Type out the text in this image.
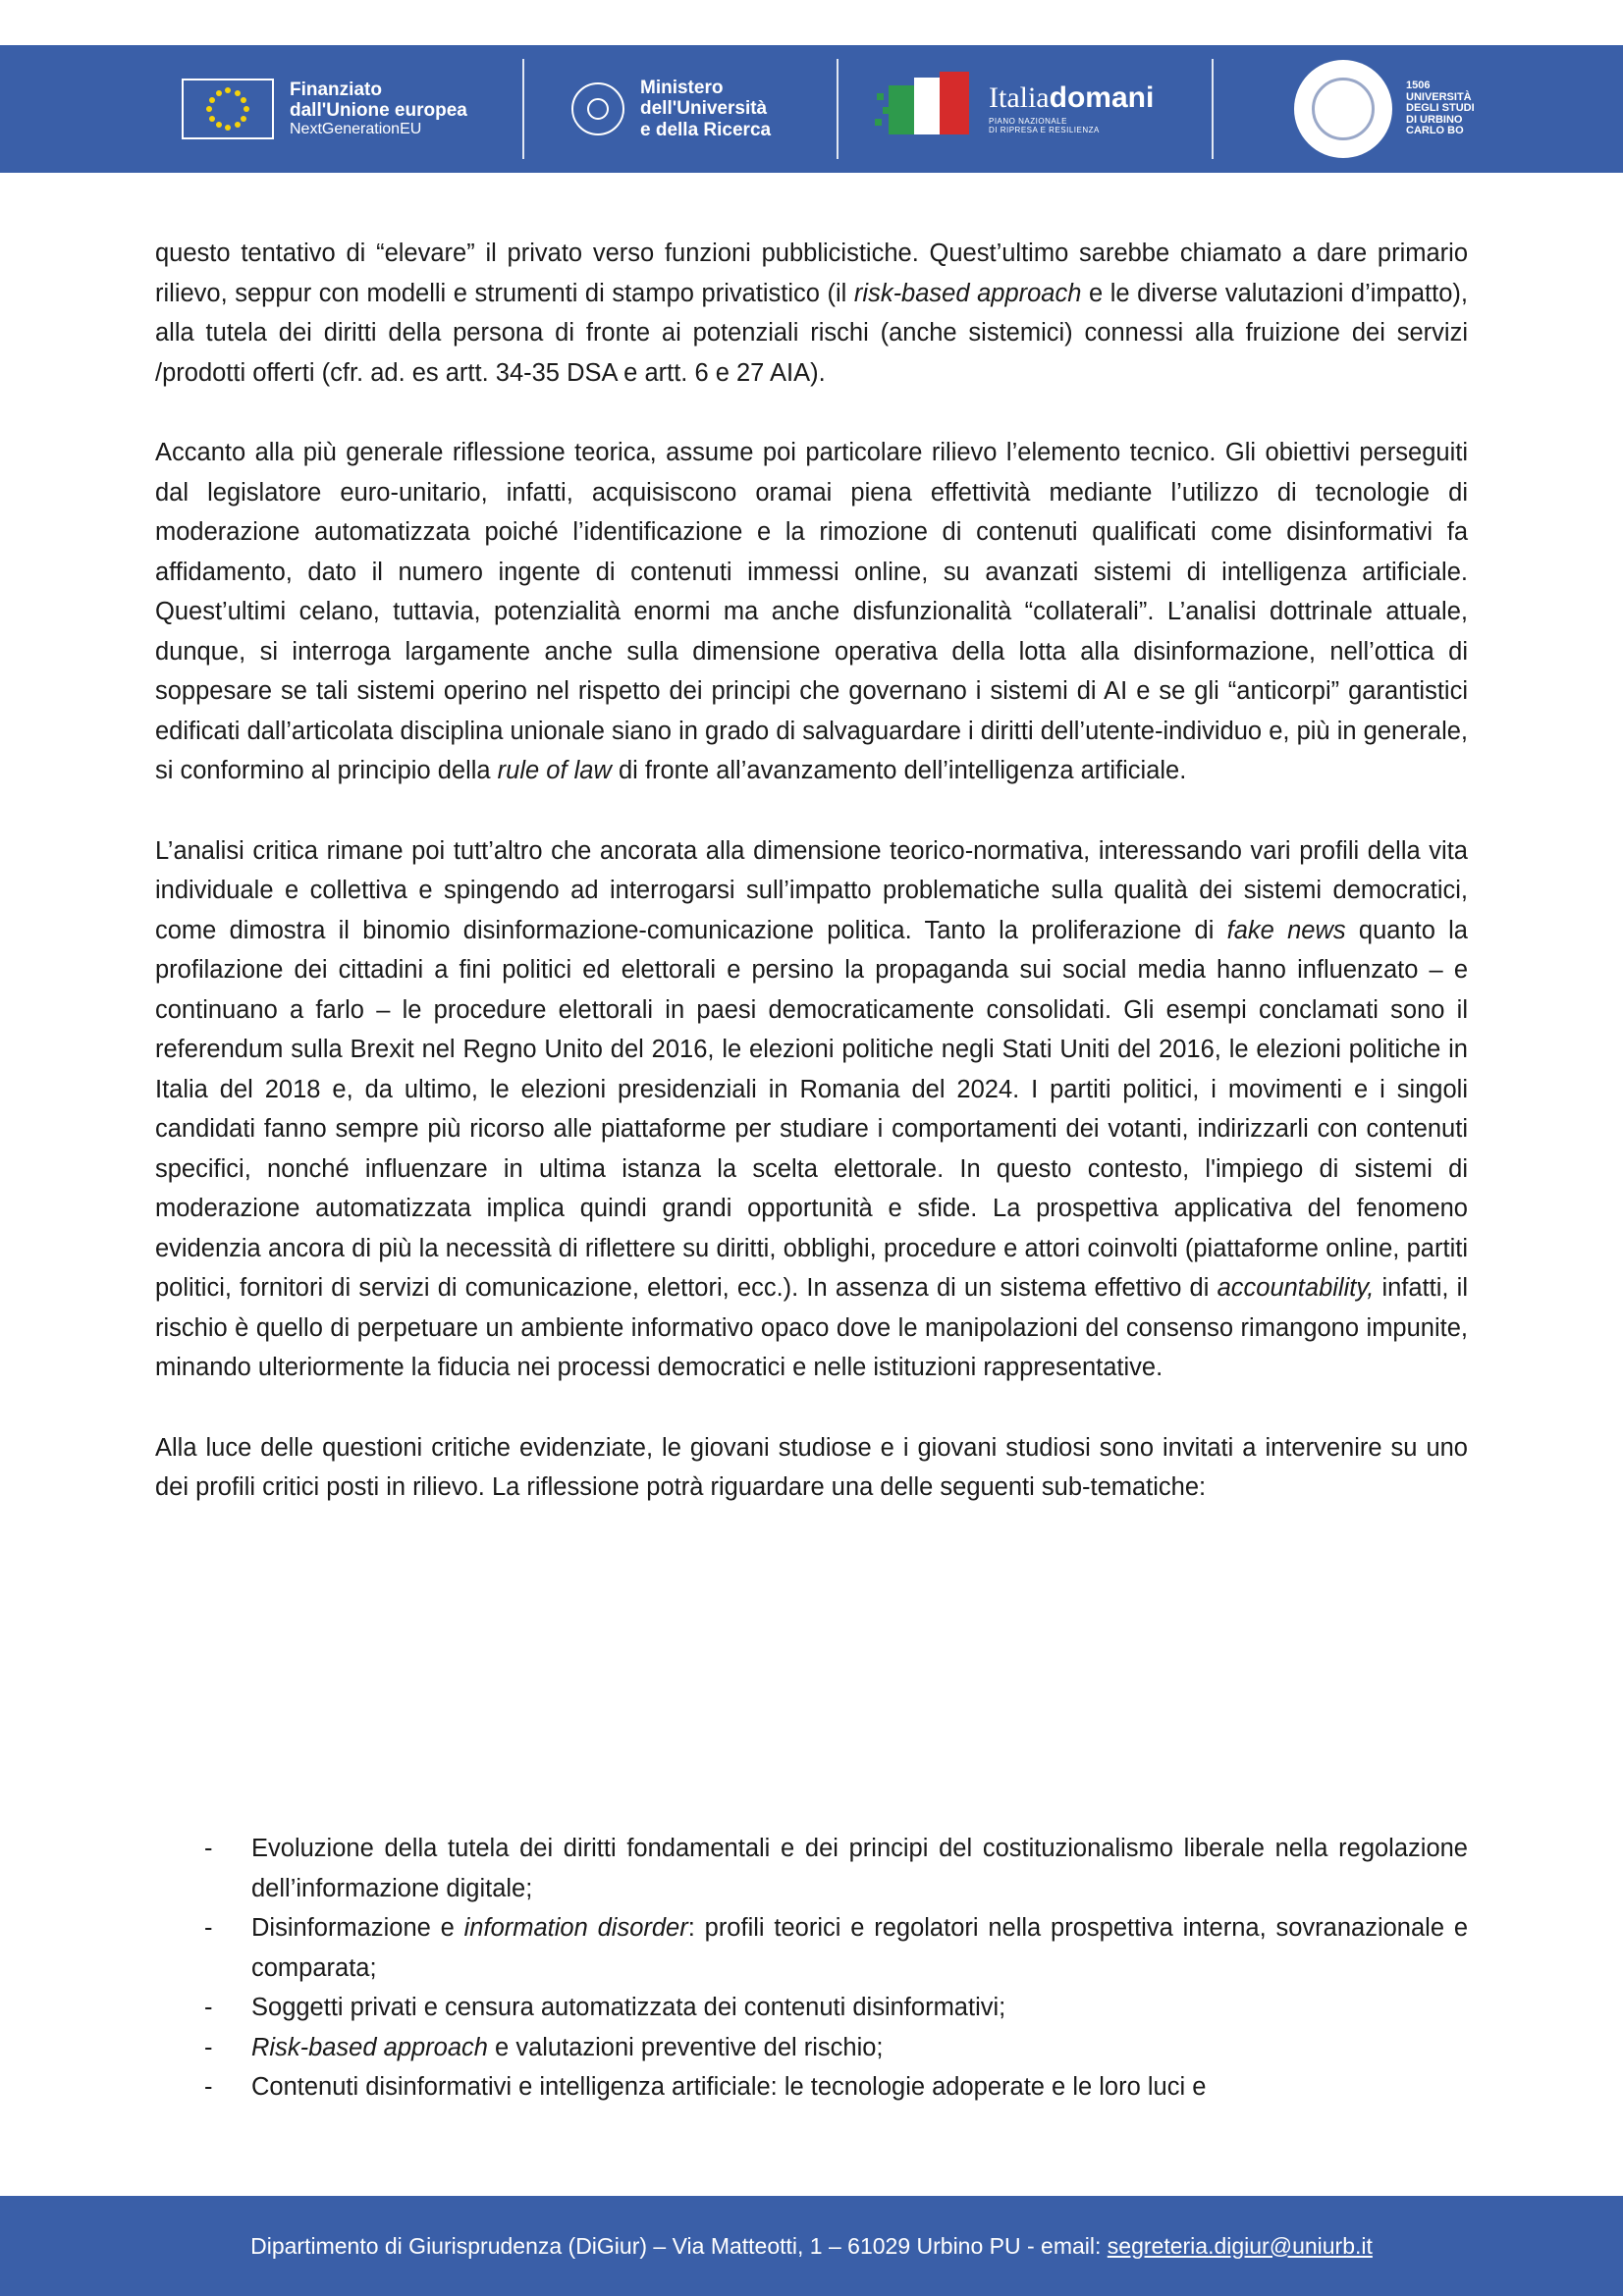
Finanziato
dall'Unione europea
NextGenerationEU
Ministero
dell'Università
e della Ricerca
Italiadomani
PIANO NAZIONALE
DI RIPRESA E RESILIENZA
1506
UNIVERSITÀ
DEGLI STUDI
DI URBINO
CARLO BO

questo tentativo di “elevare” il privato verso funzioni pubblicistiche. Quest’ultimo sarebbe chiamato a dare primario rilievo, seppur con modelli e strumenti di stampo privatistico (il risk-based approach e le diverse valutazioni d’impatto), alla tutela dei diritti della persona di fronte ai potenziali rischi (anche sistemici) connessi alla fruizione dei servizi /prodotti offerti (cfr. ad. es artt. 34-35 DSA e artt. 6 e 27 AIA).

Accanto alla più generale riflessione teorica, assume poi particolare rilievo l’elemento tecnico. Gli obiettivi perseguiti dal legislatore euro-unitario, infatti, acquisiscono oramai piena effettività mediante l’utilizzo di tecnologie di moderazione automatizzata poiché l’identificazione e la rimozione di contenuti qualificati come disinformativi fa affidamento, dato il numero ingente di contenuti immessi online, su avanzati sistemi di intelligenza artificiale. Quest’ultimi celano, tuttavia, potenzialità enormi ma anche disfunzionalità “collaterali”. L’analisi dottrinale attuale, dunque, si interroga largamente anche sulla dimensione operativa della lotta alla disinformazione, nell’ottica di soppesare se tali sistemi operino nel rispetto dei principi che governano i sistemi di AI e se gli “anticorpi” garantistici edificati dall’articolata disciplina unionale siano in grado di salvaguardare i diritti dell’utente-individuo e, più in generale, si conformino al principio della rule of law di fronte all’avanzamento dell’intelligenza artificiale.

L’analisi critica rimane poi tutt’altro che ancorata alla dimensione teorico-normativa, interessando vari profili della vita individuale e collettiva e spingendo ad interrogarsi sull’impatto problematiche sulla qualità dei sistemi democratici, come dimostra il binomio disinformazione-comunicazione politica. Tanto la proliferazione di fake news quanto la profilazione dei cittadini a fini politici ed elettorali e persino la propaganda sui social media hanno influenzato – e continuano a farlo – le procedure elettorali in paesi democraticamente consolidati. Gli esempi conclamati sono il referendum sulla Brexit nel Regno Unito del 2016, le elezioni politiche negli Stati Uniti del 2016, le elezioni politiche in Italia del 2018 e, da ultimo, le elezioni presidenziali in Romania del 2024. I partiti politici, i movimenti e i singoli candidati fanno sempre più ricorso alle piattaforme per studiare i comportamenti dei votanti, indirizzarli con contenuti specifici, nonché influenzare in ultima istanza la scelta elettorale. In questo contesto, l'impiego di sistemi di moderazione automatizzata implica quindi grandi opportunità e sfide. La prospettiva applicativa del fenomeno evidenzia ancora di più la necessità di riflettere su diritti, obblighi, procedure e attori coinvolti (piattaforme online, partiti politici, fornitori di servizi di comunicazione, elettori, ecc.). In assenza di un sistema effettivo di accountability, infatti, il rischio è quello di perpetuare un ambiente informativo opaco dove le manipolazioni del consenso rimangono impunite, minando ulteriormente la fiducia nei processi democratici e nelle istituzioni rappresentative.

Alla luce delle questioni critiche evidenziate, le giovani studiose e i giovani studiosi sono invitati a intervenire su uno dei profili critici posti in rilievo. La riflessione potrà riguardare una delle seguenti sub-tematiche:

- Evoluzione della tutela dei diritti fondamentali e dei principi del costituzionalismo liberale nella regolazione dell’informazione digitale;
- Disinformazione e information disorder: profili teorici e regolatori nella prospettiva interna, sovranazionale e comparata;
- Soggetti privati e censura automatizzata dei contenuti disinformativi;
- Risk-based approach e valutazioni preventive del rischio;
- Contenuti disinformativi e intelligenza artificiale: le tecnologie adoperate e le loro luci e
Dipartimento di Giurisprudenza (DiGiur) – Via Matteotti, 1 – 61029 Urbino PU - email:
segreteria.digiur@uniurb.it
